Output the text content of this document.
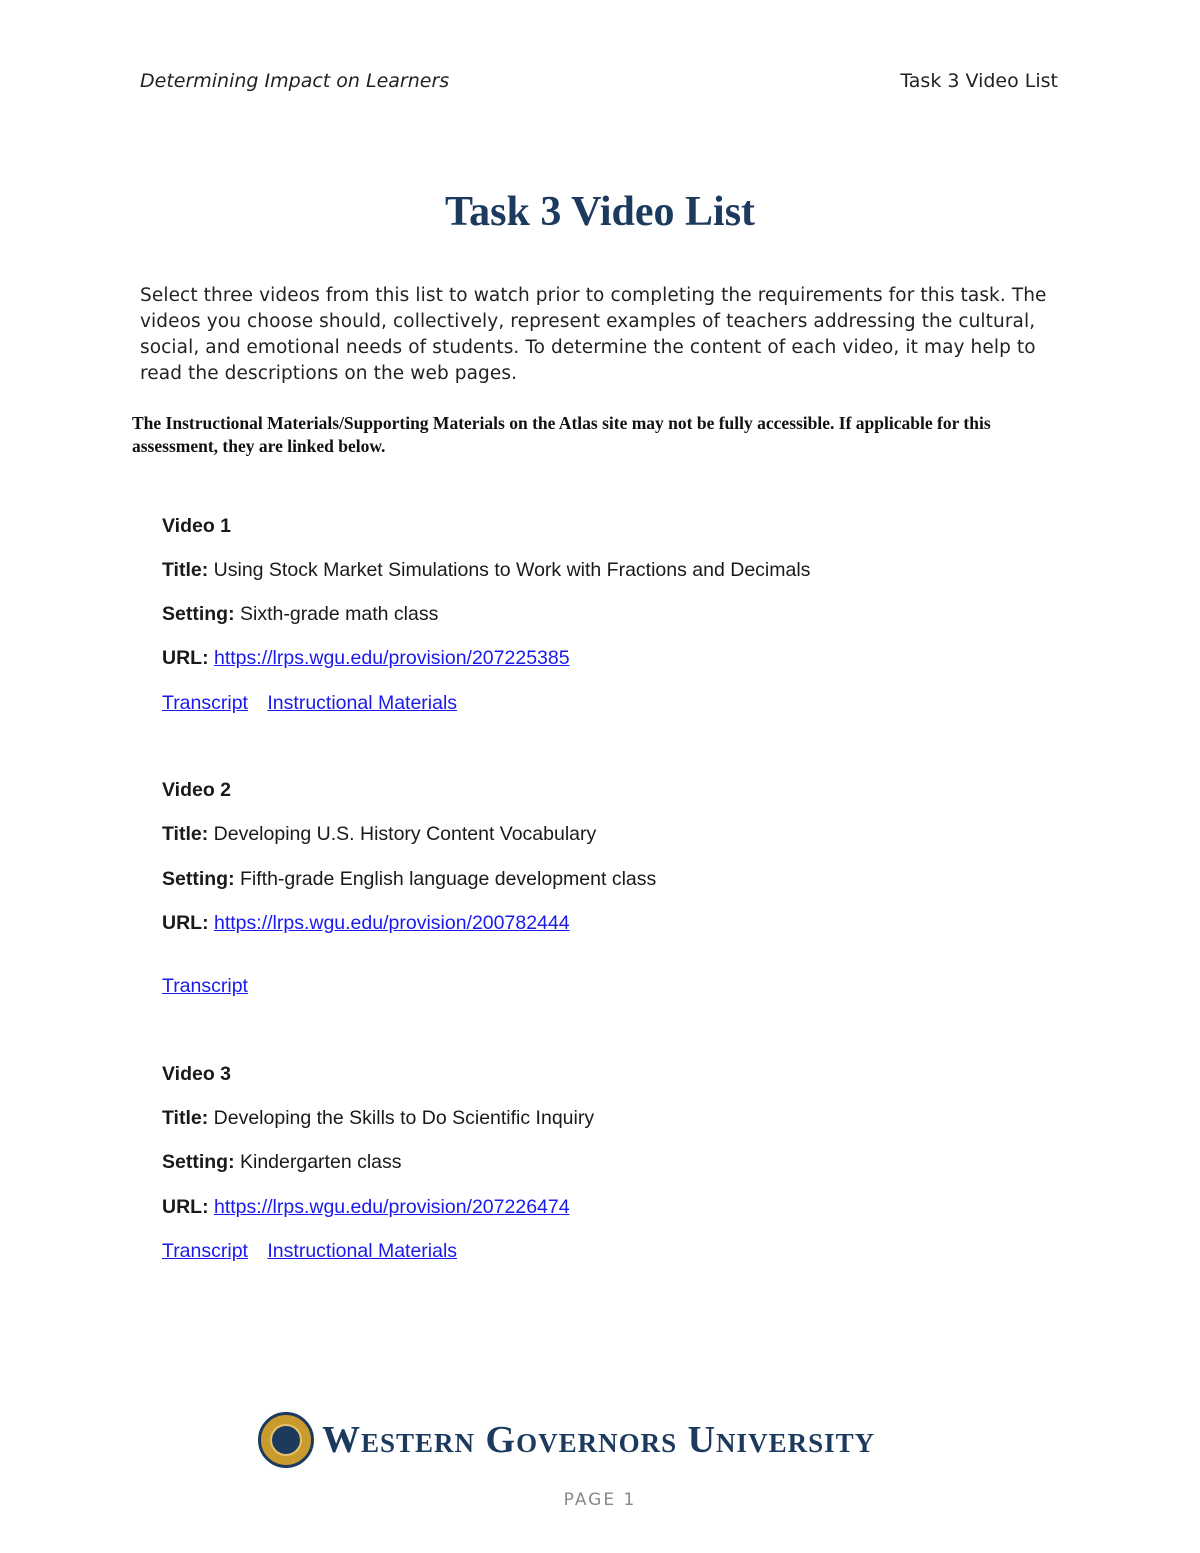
Determining Impact on Learners	Task 3 Video List
Task 3 Video List
Select three videos from this list to watch prior to completing the requirements for this task. The videos you choose should, collectively, represent examples of teachers addressing the cultural, social, and emotional needs of students. To determine the content of each video, it may help to read the descriptions on the web pages.
The Instructional Materials/Supporting Materials on the Atlas site may not be fully accessible. If applicable for this assessment, they are linked below.
Video 1
Title: Using Stock Market Simulations to Work with Fractions and Decimals
Setting: Sixth-grade math class
URL: https://lrps.wgu.edu/provision/207225385
Transcript Instructional Materials
Video 2
Title: Developing U.S. History Content Vocabulary
Setting: Fifth-grade English language development class
URL: https://lrps.wgu.edu/provision/200782444
Transcript
Video 3
Title: Developing the Skills to Do Scientific Inquiry
Setting: Kindergarten class
URL: https://lrps.wgu.edu/provision/207226474
Transcript Instructional Materials
Western Governors University
PAGE 1
